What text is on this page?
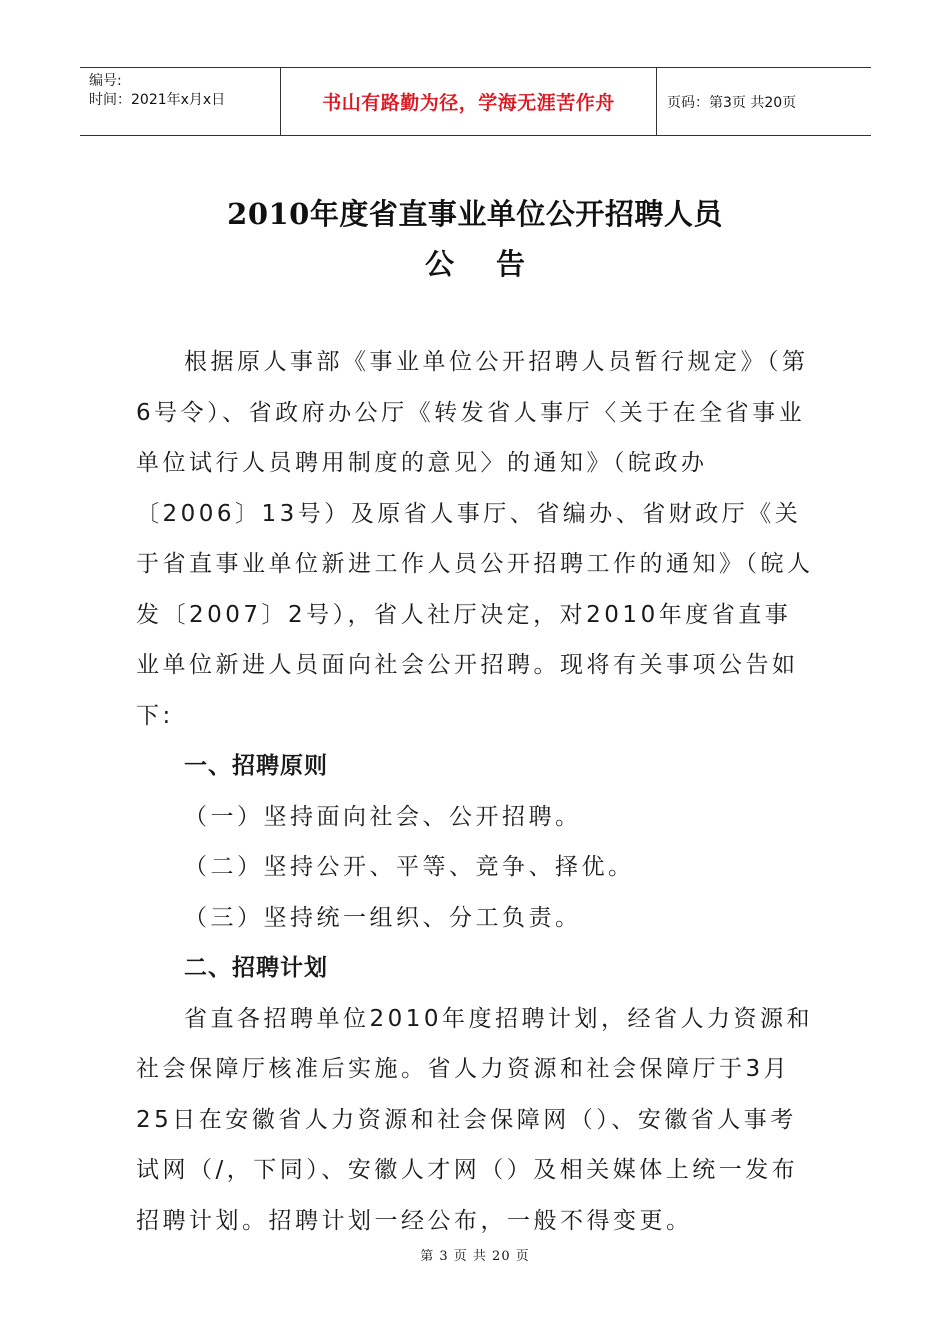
编号:
时间：2021年x月x日	书山有路勤为径，学海无涯苦作舟	页码：第3页 共20页
2010年度省直事业单位公开招聘人员
公告

根据原人事部《事业单位公开招聘人员暂行规定》（第6号令）、省政府办公厅《转发省人事厅〈关于在全省事业单位试行人员聘用制度的意见〉的通知》（皖政办〔2006〕13号）及原省人事厅、省编办、省财政厅《关于省直事业单位新进工作人员公开招聘工作的通知》（皖人发〔2007〕2号），省人社厅决定，对2010年度省直事业单位新进人员面向社会公开招聘。现将有关事项公告如下:

一、招聘原则

（一）坚持面向社会、公开招聘。

（二）坚持公开、平等、竞争、择优。

（三）坚持统一组织、分工负责。

二、招聘计划

省直各招聘单位2010年度招聘计划，经省人力资源和社会保障厅核准后实施。省人力资源和社会保障厅于3月25日在安徽省人力资源和社会保障网（）、安徽省人事考试网（/，下同）、安徽人才网（）及相关媒体上统一发布招聘计划。招聘计划一经公布，一般不得变更。

第 3 页 共 20 页
